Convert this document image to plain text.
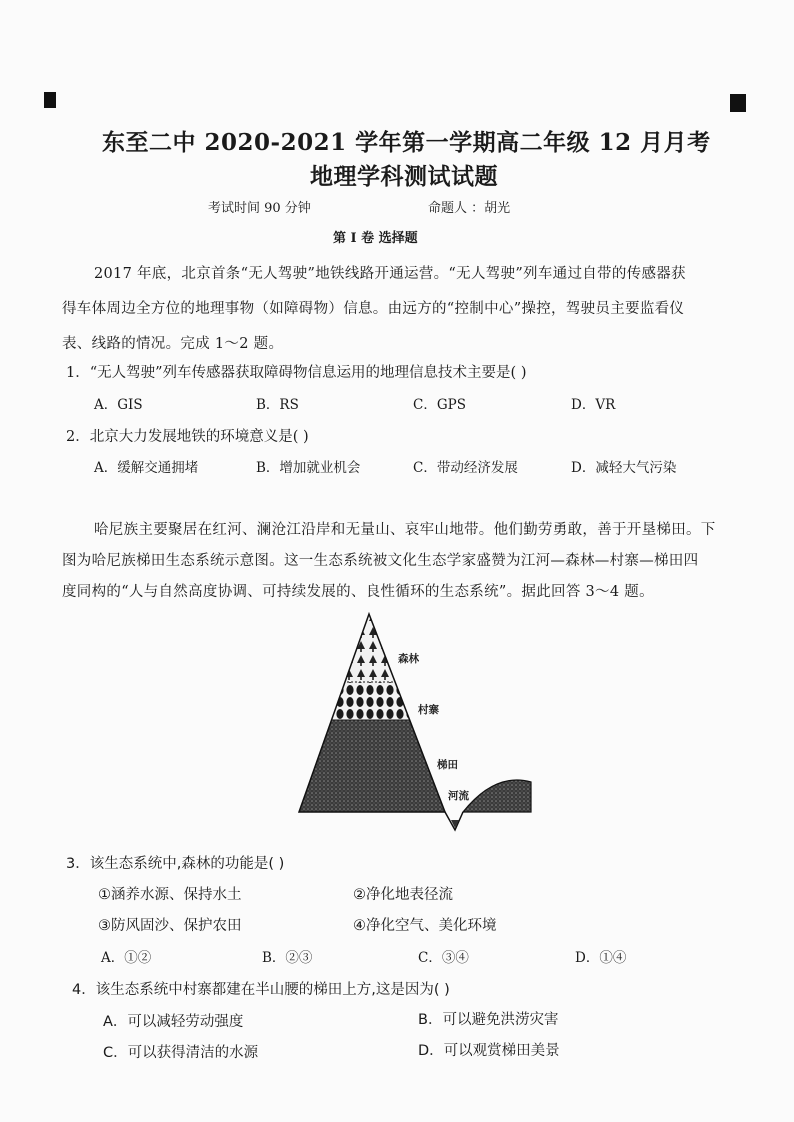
东至二中 2020-2021 学年第一学期高二年级 12 月月考
地理学科测试试题
考试时间 90 分钟	命题人 ：胡光
第 I 卷 选择题
2017 年底，北京首条“无人驾驶”地铁线路开通运营。“无人驾驶”列车通过自带的传感器获
得车体周边全方位的地理事物（如障碍物）信息。由远方的“控制中心”操控，驾驶员主要监看仪
表、线路的情况。完成 1～2 题。
1．“无人驾驶”列车传感器获取障碍物信息运用的地理信息技术主要是( )
A．GIS	B．RS	C．GPS	D．VR
2．北京大力发展地铁的环境意义是( )
A．缓解交通拥堵	B．增加就业机会	C．带动经济发展	D．减轻大气污染
哈尼族主要聚居在红河、澜沧江沿岸和无量山、哀牢山地带。他们勤劳勇敢，善于开垦梯田。下
图为哈尼族梯田生态系统示意图。这一生态系统被文化生态学家盛赞为江河—森林—村寨—梯田四
度同构的“人与自然高度协调、可持续发展的、良性循环的生态系统”。据此回答 3～4 题。
森林
村寨
梯田
河流
3．该生态系统中,森林的功能是( )
①涵养水源、保持水土	②净化地表径流
③防风固沙、保护农田	④净化空气、美化环境
A．①②	B．②③	C．③④	D．①④
4．该生态系统中村寨都建在半山腰的梯田上方,这是因为( )
A．可以减轻劳动强度	B．可以避免洪涝灾害
C．可以获得清洁的水源	D．可以观赏梯田美景
